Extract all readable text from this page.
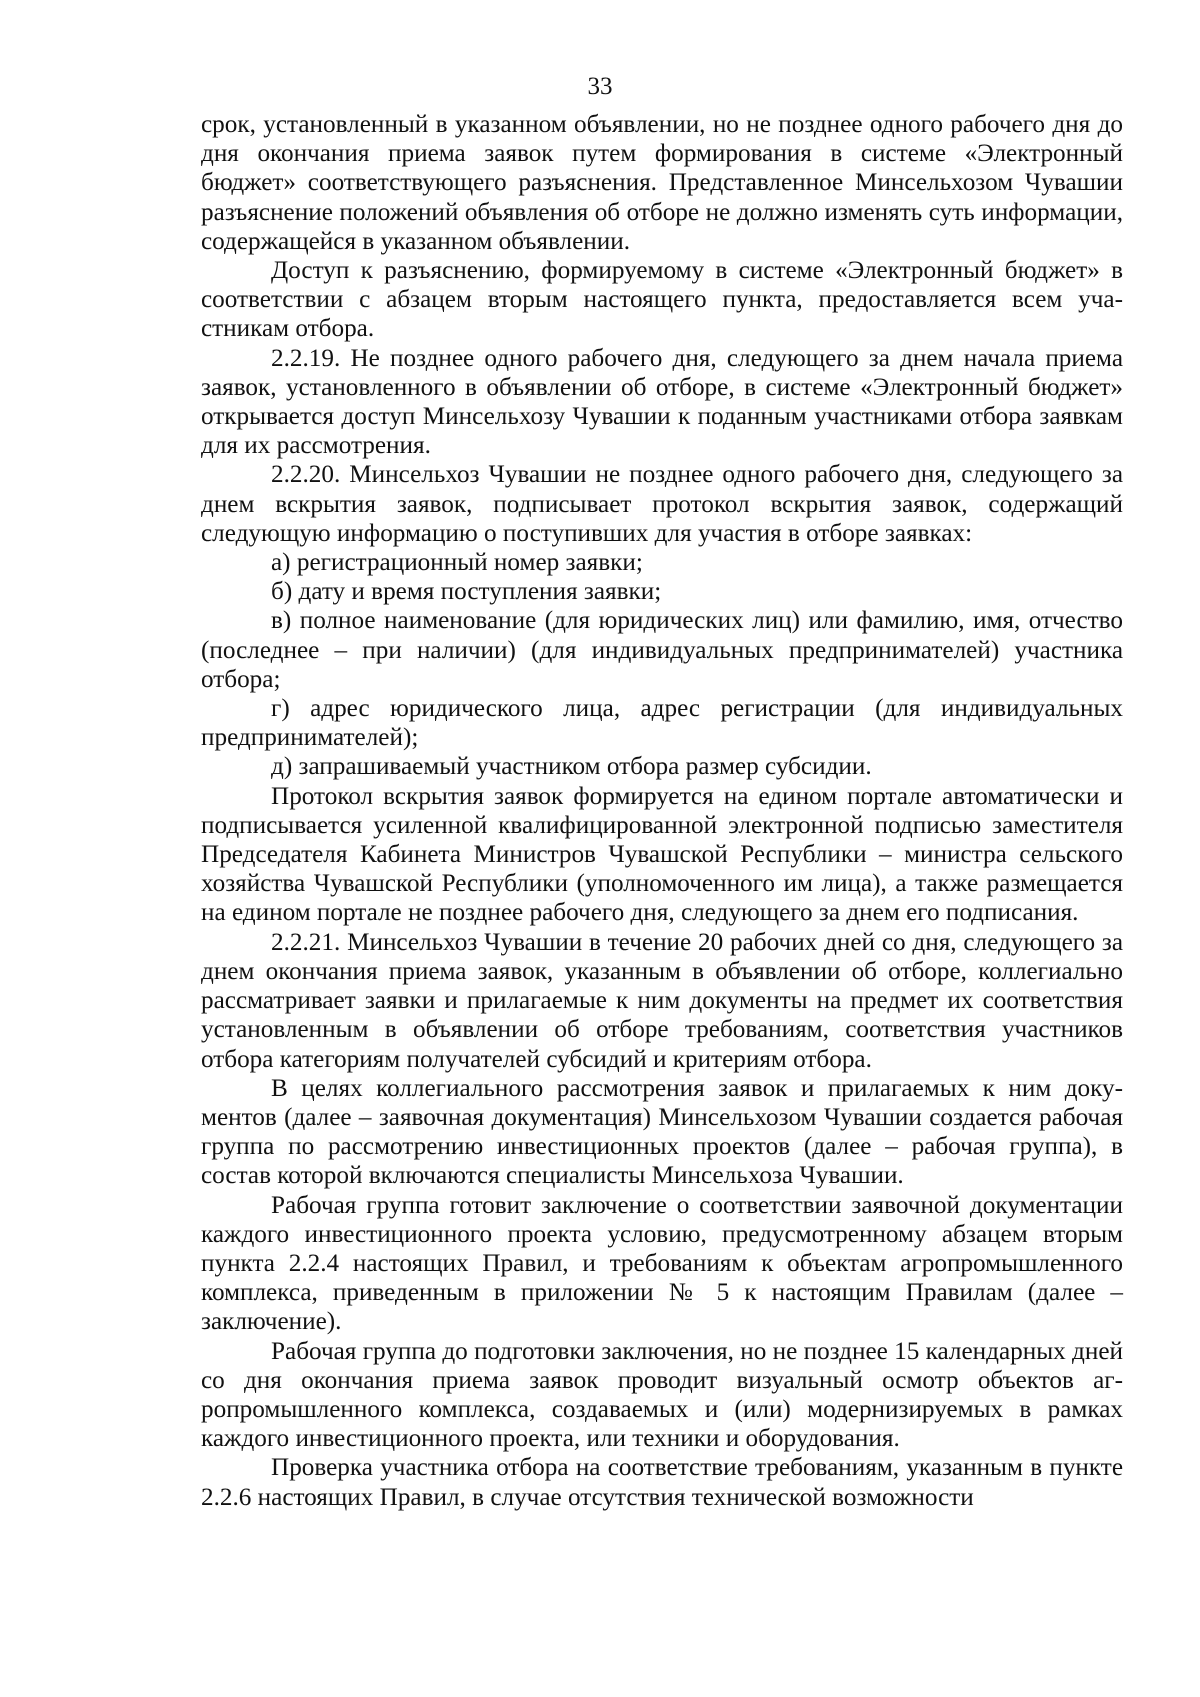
33

срок, установленный в указанном объявлении, но не позднее одного рабочего дня до дня окончания приема заявок путем формирования в системе «Электронный бюджет» соответствующего разъяснения. Представленное Минсельхозом Чувашии разъяснение положений объявления об отборе не должно изменять суть информации, содержащейся в указанном объявлении.

Доступ к разъяснению, формируемому в системе «Электронный бюджет» в соответствии с абзацем вторым настоящего пункта, предоставляется всем участникам отбора.

2.2.19. Не позднее одного рабочего дня, следующего за днем начала приема заявок, установленного в объявлении об отборе, в системе «Электронный бюджет» открывается доступ Минсельхозу Чувашии к поданным участниками отбора заявкам для их рассмотрения.

2.2.20. Минсельхоз Чувашии не позднее одного рабочего дня, следующего за днем вскрытия заявок, подписывает протокол вскрытия заявок, содержащий следующую информацию о поступивших для участия в отборе заявках:

а) регистрационный номер заявки;

б) дату и время поступления заявки;

в) полное наименование (для юридических лиц) или фамилию, имя, отчество (последнее – при наличии) (для индивидуальных предпринимателей) участника отбора;

г) адрес юридического лица, адрес регистрации (для индивидуальных предпринимателей);

д) запрашиваемый участником отбора размер субсидии.

Протокол вскрытия заявок формируется на едином портале автоматически и подписывается усиленной квалифицированной электронной подписью заместителя Председателя Кабинета Министров Чувашской Республики – министра сельского хозяйства Чувашской Республики (уполномоченного им лица), а также размещается на едином портале не позднее рабочего дня, следующего за днем его подписания.

2.2.21. Минсельхоз Чувашии в течение 20 рабочих дней со дня, следующего за днем окончания приема заявок, указанным в объявлении об отборе, коллегиально рассматривает заявки и прилагаемые к ним документы на предмет их соответствия установленным в объявлении об отборе требованиям, соответствия участников отбора категориям получателей субсидий и критериям отбора.

В целях коллегиального рассмотрения заявок и прилагаемых к ним документов (далее – заявочная документация) Минсельхозом Чувашии создается рабочая группа по рассмотрению инвестиционных проектов (далее – рабочая группа), в состав которой включаются специалисты Минсельхоза Чувашии.

Рабочая группа готовит заключение о соответствии заявочной документации каждого инвестиционного проекта условию, предусмотренному абзацем вторым пункта 2.2.4 настоящих Правил, и требованиям к объектам агропромышленного комплекса, приведенным в приложении № 5 к настоящим Правилам (далее – заключение).

Рабочая группа до подготовки заключения, но не позднее 15 календарных дней со дня окончания приема заявок проводит визуальный осмотр объектов агропромышленного комплекса, создаваемых и (или) модернизируемых в рамках каждого инвестиционного проекта, или техники и оборудования.

Проверка участника отбора на соответствие требованиям, указанным в пункте 2.2.6 настоящих Правил, в случае отсутствия технической возможности
